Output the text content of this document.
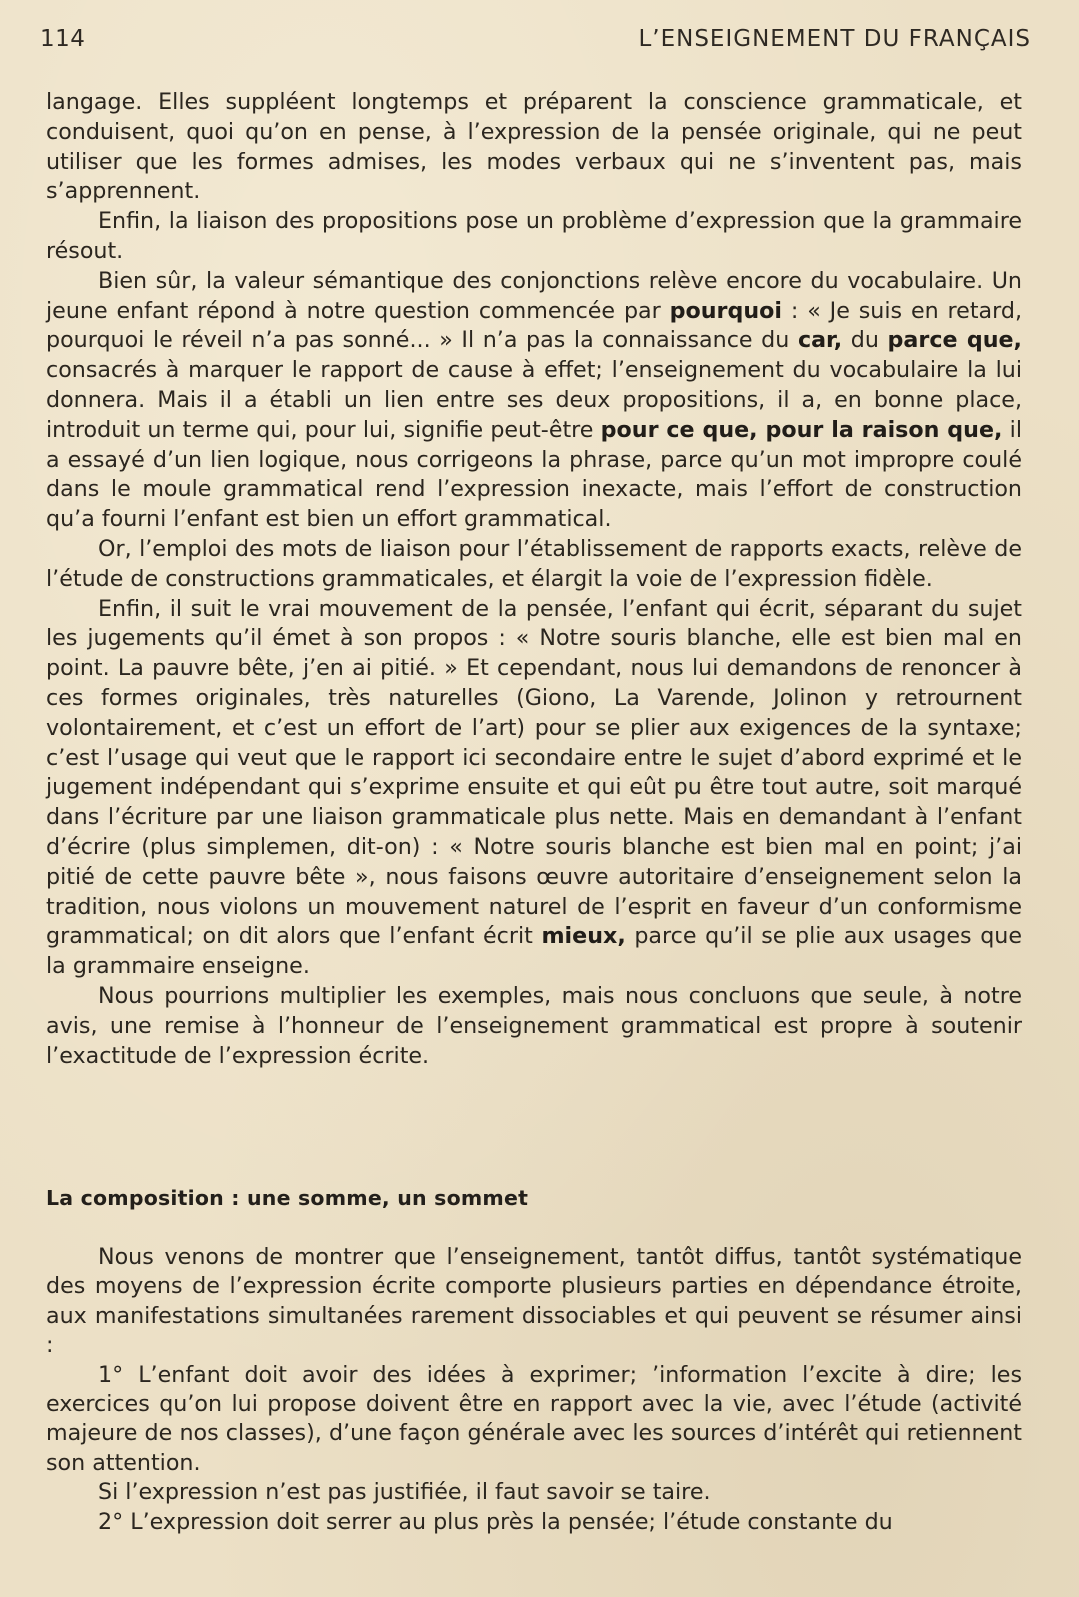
114	L’ENSEIGNEMENT DU FRANÇAIS

langage. Elles suppléent longtemps et préparent la conscience grammaticale, et conduisent, quoi qu’on en pense, à l’expression de la pensée originale, qui ne peut utiliser que les formes admises, les modes verbaux qui ne s’inventent pas, mais s’apprennent.

Enfin, la liaison des propositions pose un problème d’expression que la grammaire résout.

Bien sûr, la valeur sémantique des conjonctions relève encore du vocabulaire. Un jeune enfant répond à notre question commencée par pourquoi : « Je suis en retard, pourquoi le réveil n’a pas sonné... » Il n’a pas la connaissance du car, du parce que, consacrés à marquer le rapport de cause à effet; l’enseignement du vocabulaire la lui donnera. Mais il a établi un lien entre ses deux propositions, il a, en bonne place, introduit un terme qui, pour lui, signifie peut-être pour ce que, pour la raison que, il a essayé d’un lien logique, nous corrigeons la phrase, parce qu’un mot impropre coulé dans le moule grammatical rend l’expression inexacte, mais l’effort de construction qu’a fourni l’enfant est bien un effort grammatical.

Or, l’emploi des mots de liaison pour l’établissement de rapports exacts, relève de l’étude de constructions grammaticales, et élargit la voie de l’expression fidèle.

Enfin, il suit le vrai mouvement de la pensée, l’enfant qui écrit, séparant du sujet les jugements qu’il émet à son propos : « Notre souris blanche, elle est bien mal en point. La pauvre bête, j’en ai pitié. » Et cependant, nous lui demandons de renoncer à ces formes originales, très naturelles (Giono, La Varende, Jolinon y retrournent volontairement, et c’est un effort de l’art) pour se plier aux exigences de la syntaxe; c’est l’usage qui veut que le rapport ici secondaire entre le sujet d’abord exprimé et le jugement indépendant qui s’exprime ensuite et qui eût pu être tout autre, soit marqué dans l’écriture par une liaison grammaticale plus nette. Mais en demandant à l’enfant d’écrire (plus simplemen, dit-on) : « Notre souris blanche est bien mal en point; j’ai pitié de cette pauvre bête », nous faisons œuvre autoritaire d’enseignement selon la tradition, nous violons un mouvement naturel de l’esprit en faveur d’un conformisme grammatical; on dit alors que l’enfant écrit mieux, parce qu’il se plie aux usages que la grammaire enseigne.

Nous pourrions multiplier les exemples, mais nous concluons que seule, à notre avis, une remise à l’honneur de l’enseignement grammatical est propre à soutenir l’exactitude de l’expression écrite.

La composition : une somme, un sommet

Nous venons de montrer que l’enseignement, tantôt diffus, tantôt systématique des moyens de l’expression écrite comporte plusieurs parties en dépendance étroite, aux manifestations simultanées rarement dissociables et qui peuvent se résumer ainsi :

1° L’enfant doit avoir des idées à exprimer; ’information l’excite à dire; les exercices qu’on lui propose doivent être en rapport avec la vie, avec l’étude (activité majeure de nos classes), d’une façon générale avec les sources d’intérêt qui retiennent son attention.

Si l’expression n’est pas justifiée, il faut savoir se taire.

2° L’expression doit serrer au plus près la pensée; l’étude constante du
